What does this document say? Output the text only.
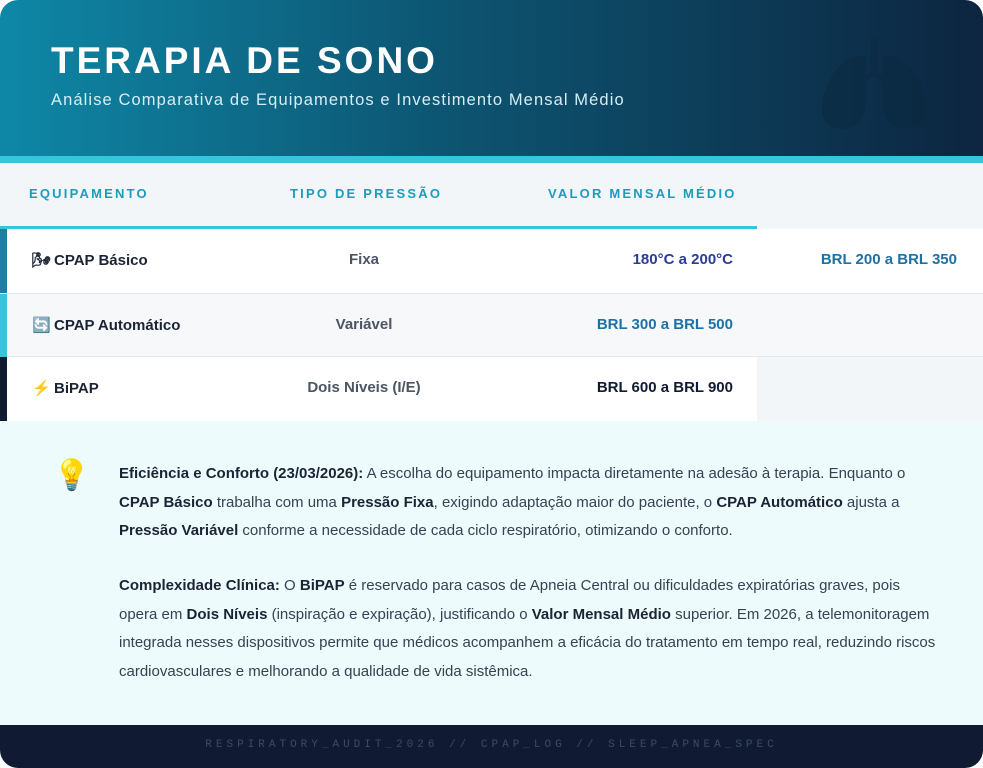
TERAPIA DE SONO
Análise Comparativa de Equipamentos e Investimento Mensal Médio
EQUIPAMENTO	TIPO DE PRESSÃO	VALOR MENSAL MÉDIO
🌬 CPAP Básico	Fixa	180°C a 200°C	BRL 200 a BRL 350
🔄 CPAP Automático	Variável	BRL 300 a BRL 500
⚡ BiPAP	Dois Níveis (I/E)	BRL 600 a BRL 900
💡 Eficiência e Conforto (23/03/2026): A escolha do equipamento impacta diretamente na adesão à terapia. Enquanto o CPAP Básico trabalha com uma Pressão Fixa, exigindo adaptação maior do paciente, o CPAP Automático ajusta a Pressão Variável conforme a necessidade de cada ciclo respiratório, otimizando o conforto.

Complexidade Clínica: O BiPAP é reservado para casos de Apneia Central ou dificuldades expiratórias graves, pois opera em Dois Níveis (inspiração e expiração), justificando o Valor Mensal Médio superior. Em 2026, a telemonitoragem integrada nesses dispositivos permite que médicos acompanhem a eficácia do tratamento em tempo real, reduzindo riscos cardiovasculares e melhorando a qualidade de vida sistêmica.

RESPIRATORY_AUDIT_2026 // CPAP_LOG // SLEEP_APNEA_SPEC
